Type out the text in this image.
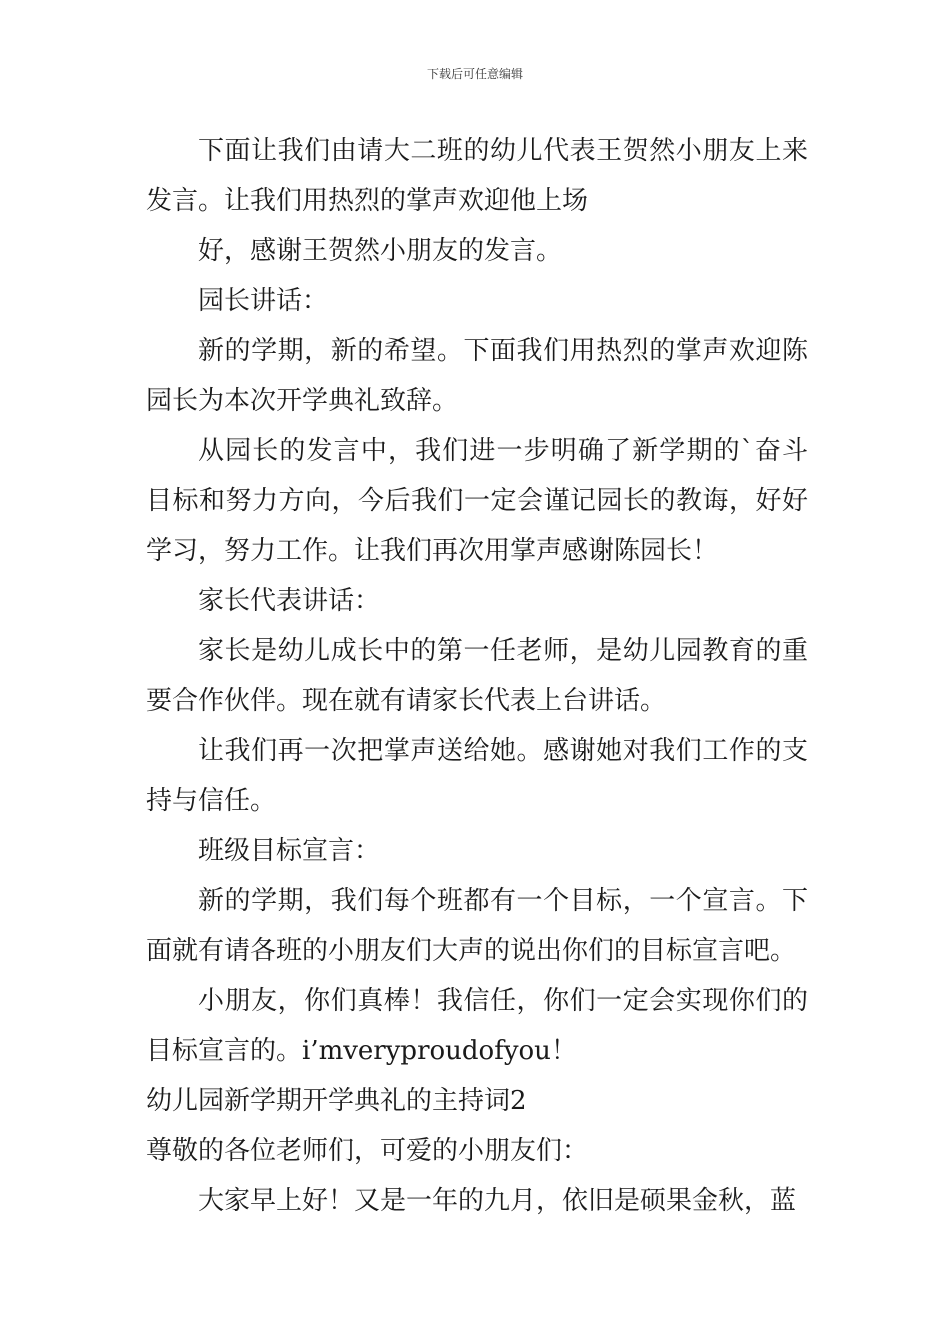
下载后可任意编辑

下面让我们由请大二班的幼儿代表王贺然小朋友上来发言。让我们用热烈的掌声欢迎他上场

好，感谢王贺然小朋友的发言。

园长讲话：

新的学期，新的希望。下面我们用热烈的掌声欢迎陈园长为本次开学典礼致辞。

从园长的发言中，我们进一步明确了新学期的`奋斗目标和努力方向，今后我们一定会谨记园长的教诲，好好学习，努力工作。让我们再次用掌声感谢陈园长！

家长代表讲话：

家长是幼儿成长中的第一任老师，是幼儿园教育的重要合作伙伴。现在就有请家长代表上台讲话。

让我们再一次把掌声送给她。感谢她对我们工作的支持与信任。

班级目标宣言：

新的学期，我们每个班都有一个目标，一个宣言。下面就有请各班的小朋友们大声的说出你们的目标宣言吧。

小朋友，你们真棒！我信任，你们一定会实现你们的目标宣言的。i’mveryproudofyou！

幼儿园新学期开学典礼的主持词2

尊敬的各位老师们，可爱的小朋友们：

大家早上好！又是一年的九月，依旧是硕果金秋，蓝
